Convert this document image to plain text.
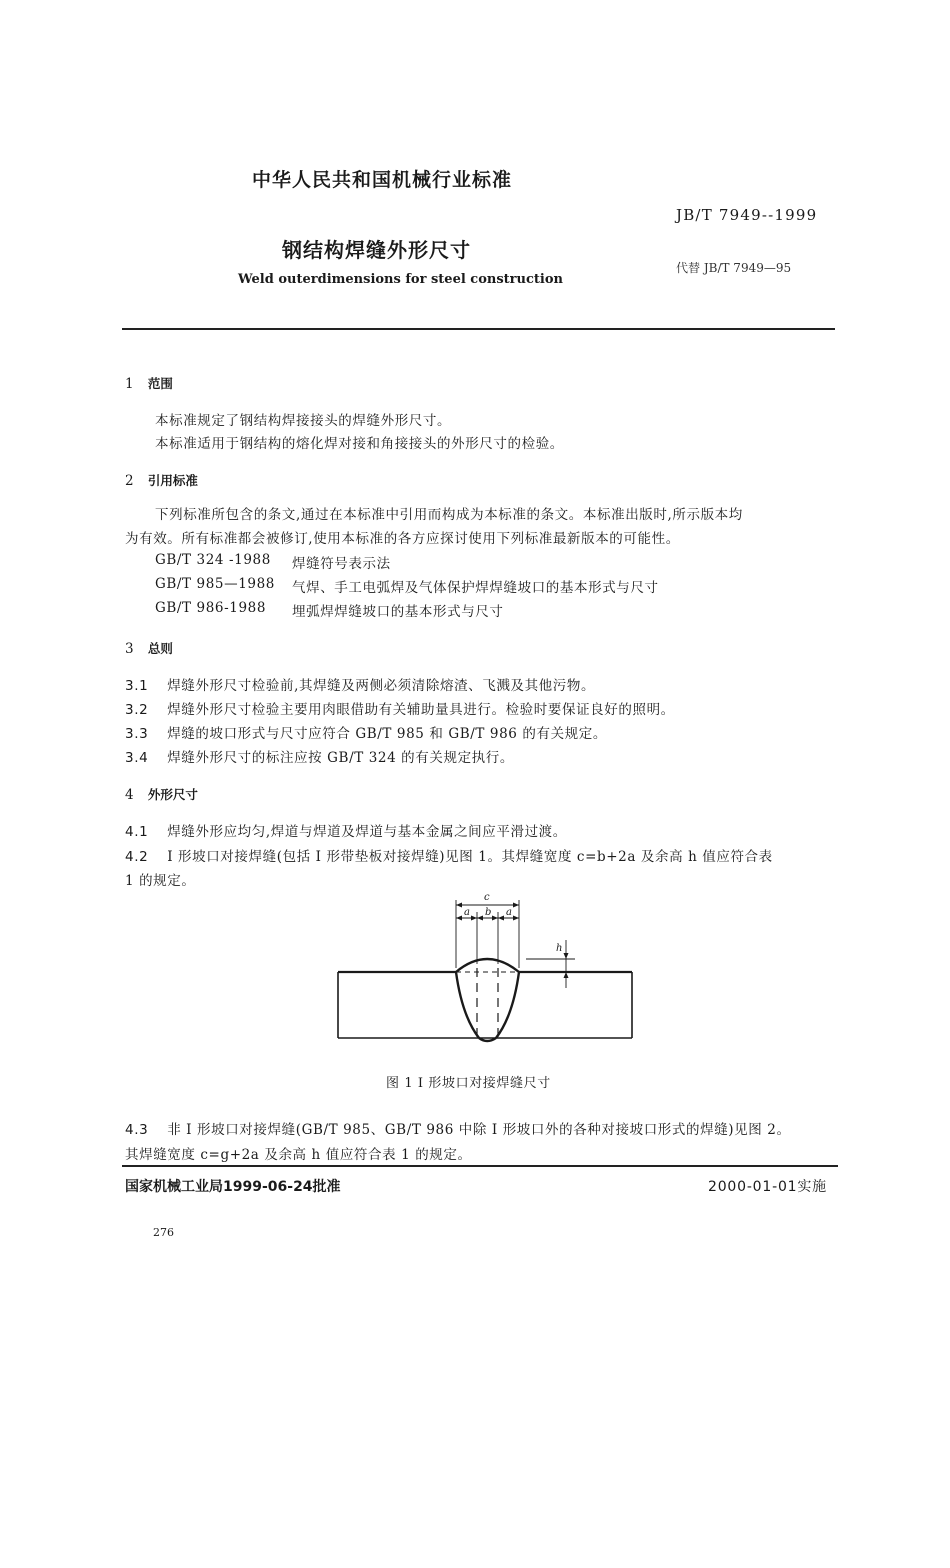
中华人民共和国机械行业标准
JB/T 7949--1999
钢结构焊缝外形尺寸
代替 JB/T 7949—95
Weld outerdimensions for steel construction
1 范围
本标准规定了钢结构焊接接头的焊缝外形尺寸。
本标准适用于钢结构的熔化焊对接和角接接头的外形尺寸的检验。
2 引用标准
下列标准所包含的条文,通过在本标准中引用而构成为本标准的条文。本标准出版时,所示版本均
为有效。所有标准都会被修订,使用本标准的各方应探讨使用下列标准最新版本的可能性。
GB/T 324 -1988 焊缝符号表示法
GB/T 985—1988 气焊、手工电弧焊及气体保护焊焊缝坡口的基本形式与尺寸
GB/T 986-1988 埋弧焊焊缝坡口的基本形式与尺寸
3 总则
3.1 焊缝外形尺寸检验前,其焊缝及两侧必须清除熔渣、飞溅及其他污物。
3.2 焊缝外形尺寸检验主要用肉眼借助有关辅助量具进行。检验时要保证良好的照明。
3.3 焊缝的坡口形式与尺寸应符合 GB/T 985 和 GB/T 986 的有关规定。
3.4 焊缝外形尺寸的标注应按 GB/T 324 的有关规定执行。
4 外形尺寸
4.1 焊缝外形应均匀,焊道与焊道及焊道与基本金属之间应平滑过渡。
4.2 I 形坡口对接焊缝(包括 I 形带垫板对接焊缝)见图 1。其焊缝宽度 c=b+2a 及余高 h 值应符合表
1 的规定。
c
a b a
h
图 1 I 形坡口对接焊缝尺寸
4.3 非 I 形坡口对接焊缝(GB/T 985、GB/T 986 中除 I 形坡口外的各种对接坡口形式的焊缝)见图 2。
其焊缝宽度 c=g+2a 及余高 h 值应符合表 1 的规定。
国家机械工业局1999-06-24批准	2000-01-01实施
276
